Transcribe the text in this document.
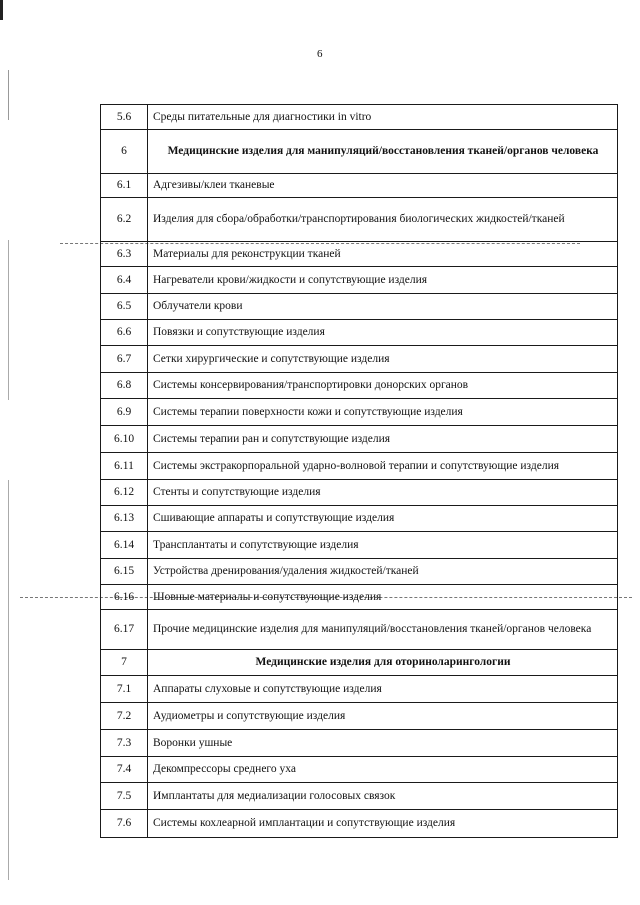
6
5.6	Среды питательные для диагностики in vitro
6	Медицинские изделия для манипуляций/восстановления тканей/органов человека
6.1	Адгезивы/клеи тканевые
6.2	Изделия для сбора/обработки/транспортирования биологических жидкостей/тканей
6.3	Материалы для реконструкции тканей
6.4	Нагреватели крови/жидкости и сопутствующие изделия
6.5	Облучатели крови
6.6	Повязки и сопутствующие изделия
6.7	Сетки хирургические и сопутствующие изделия
6.8	Системы консервирования/транспортировки донорских органов
6.9	Системы терапии поверхности кожи и сопутствующие изделия
6.10	Системы терапии ран и сопутствующие изделия
6.11	Системы экстракорпоральной ударно-волновой терапии и сопутствующие изделия
6.12	Стенты и сопутствующие изделия
6.13	Сшивающие аппараты и сопутствующие изделия
6.14	Трансплантаты и сопутствующие изделия
6.15	Устройства дренирования/удаления жидкостей/тканей
6.16	Шовные материалы и сопутствующие изделия
6.17	Прочие медицинские изделия для манипуляций/восстановления тканей/органов человека
7	Медицинские изделия для оториноларингологии
7.1	Аппараты слуховые и сопутствующие изделия
7.2	Аудиометры и сопутствующие изделия
7.3	Воронки ушные
7.4	Декомпрессоры среднего уха
7.5	Имплантаты для медиализации голосовых связок
7.6	Системы кохлеарной имплантации и сопутствующие изделия
